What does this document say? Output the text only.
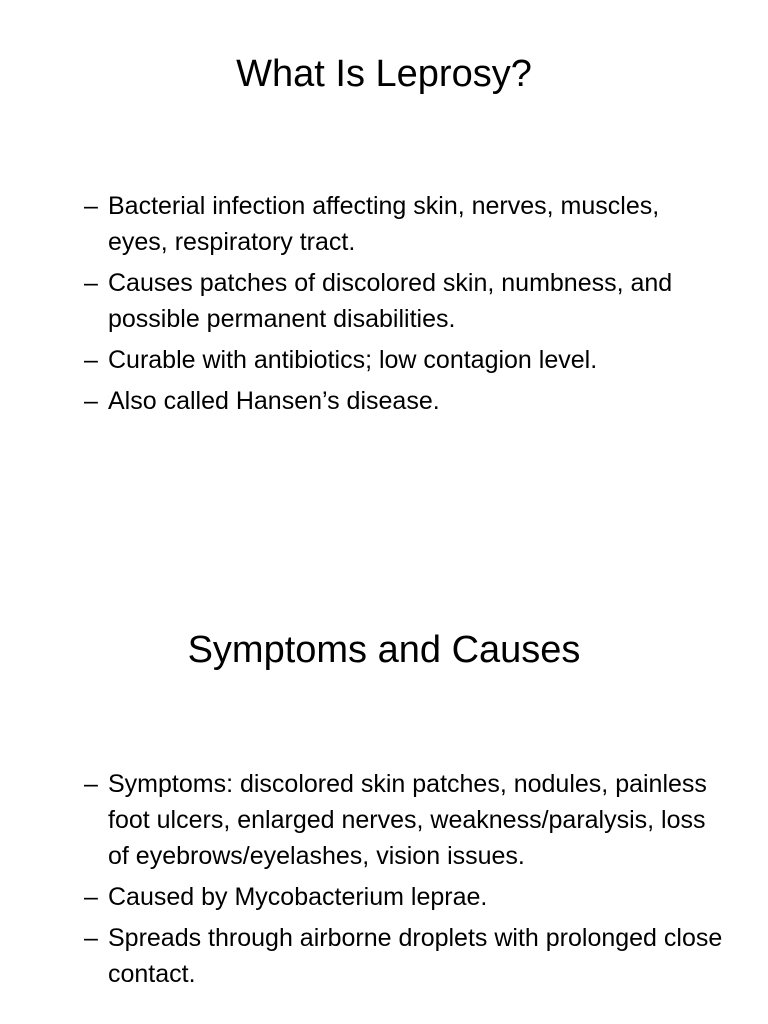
What Is Leprosy?
– Bacterial infection affecting skin, nerves, muscles, eyes, respiratory tract.
– Causes patches of discolored skin, numbness, and possible permanent disabilities.
– Curable with antibiotics; low contagion level.
– Also called Hansen’s disease.
Symptoms and Causes
– Symptoms: discolored skin patches, nodules, painless foot ulcers, enlarged nerves, weakness/paralysis, loss of eyebrows/eyelashes, vision issues.
– Caused by Mycobacterium leprae.
– Spreads through airborne droplets with prolonged close contact.
